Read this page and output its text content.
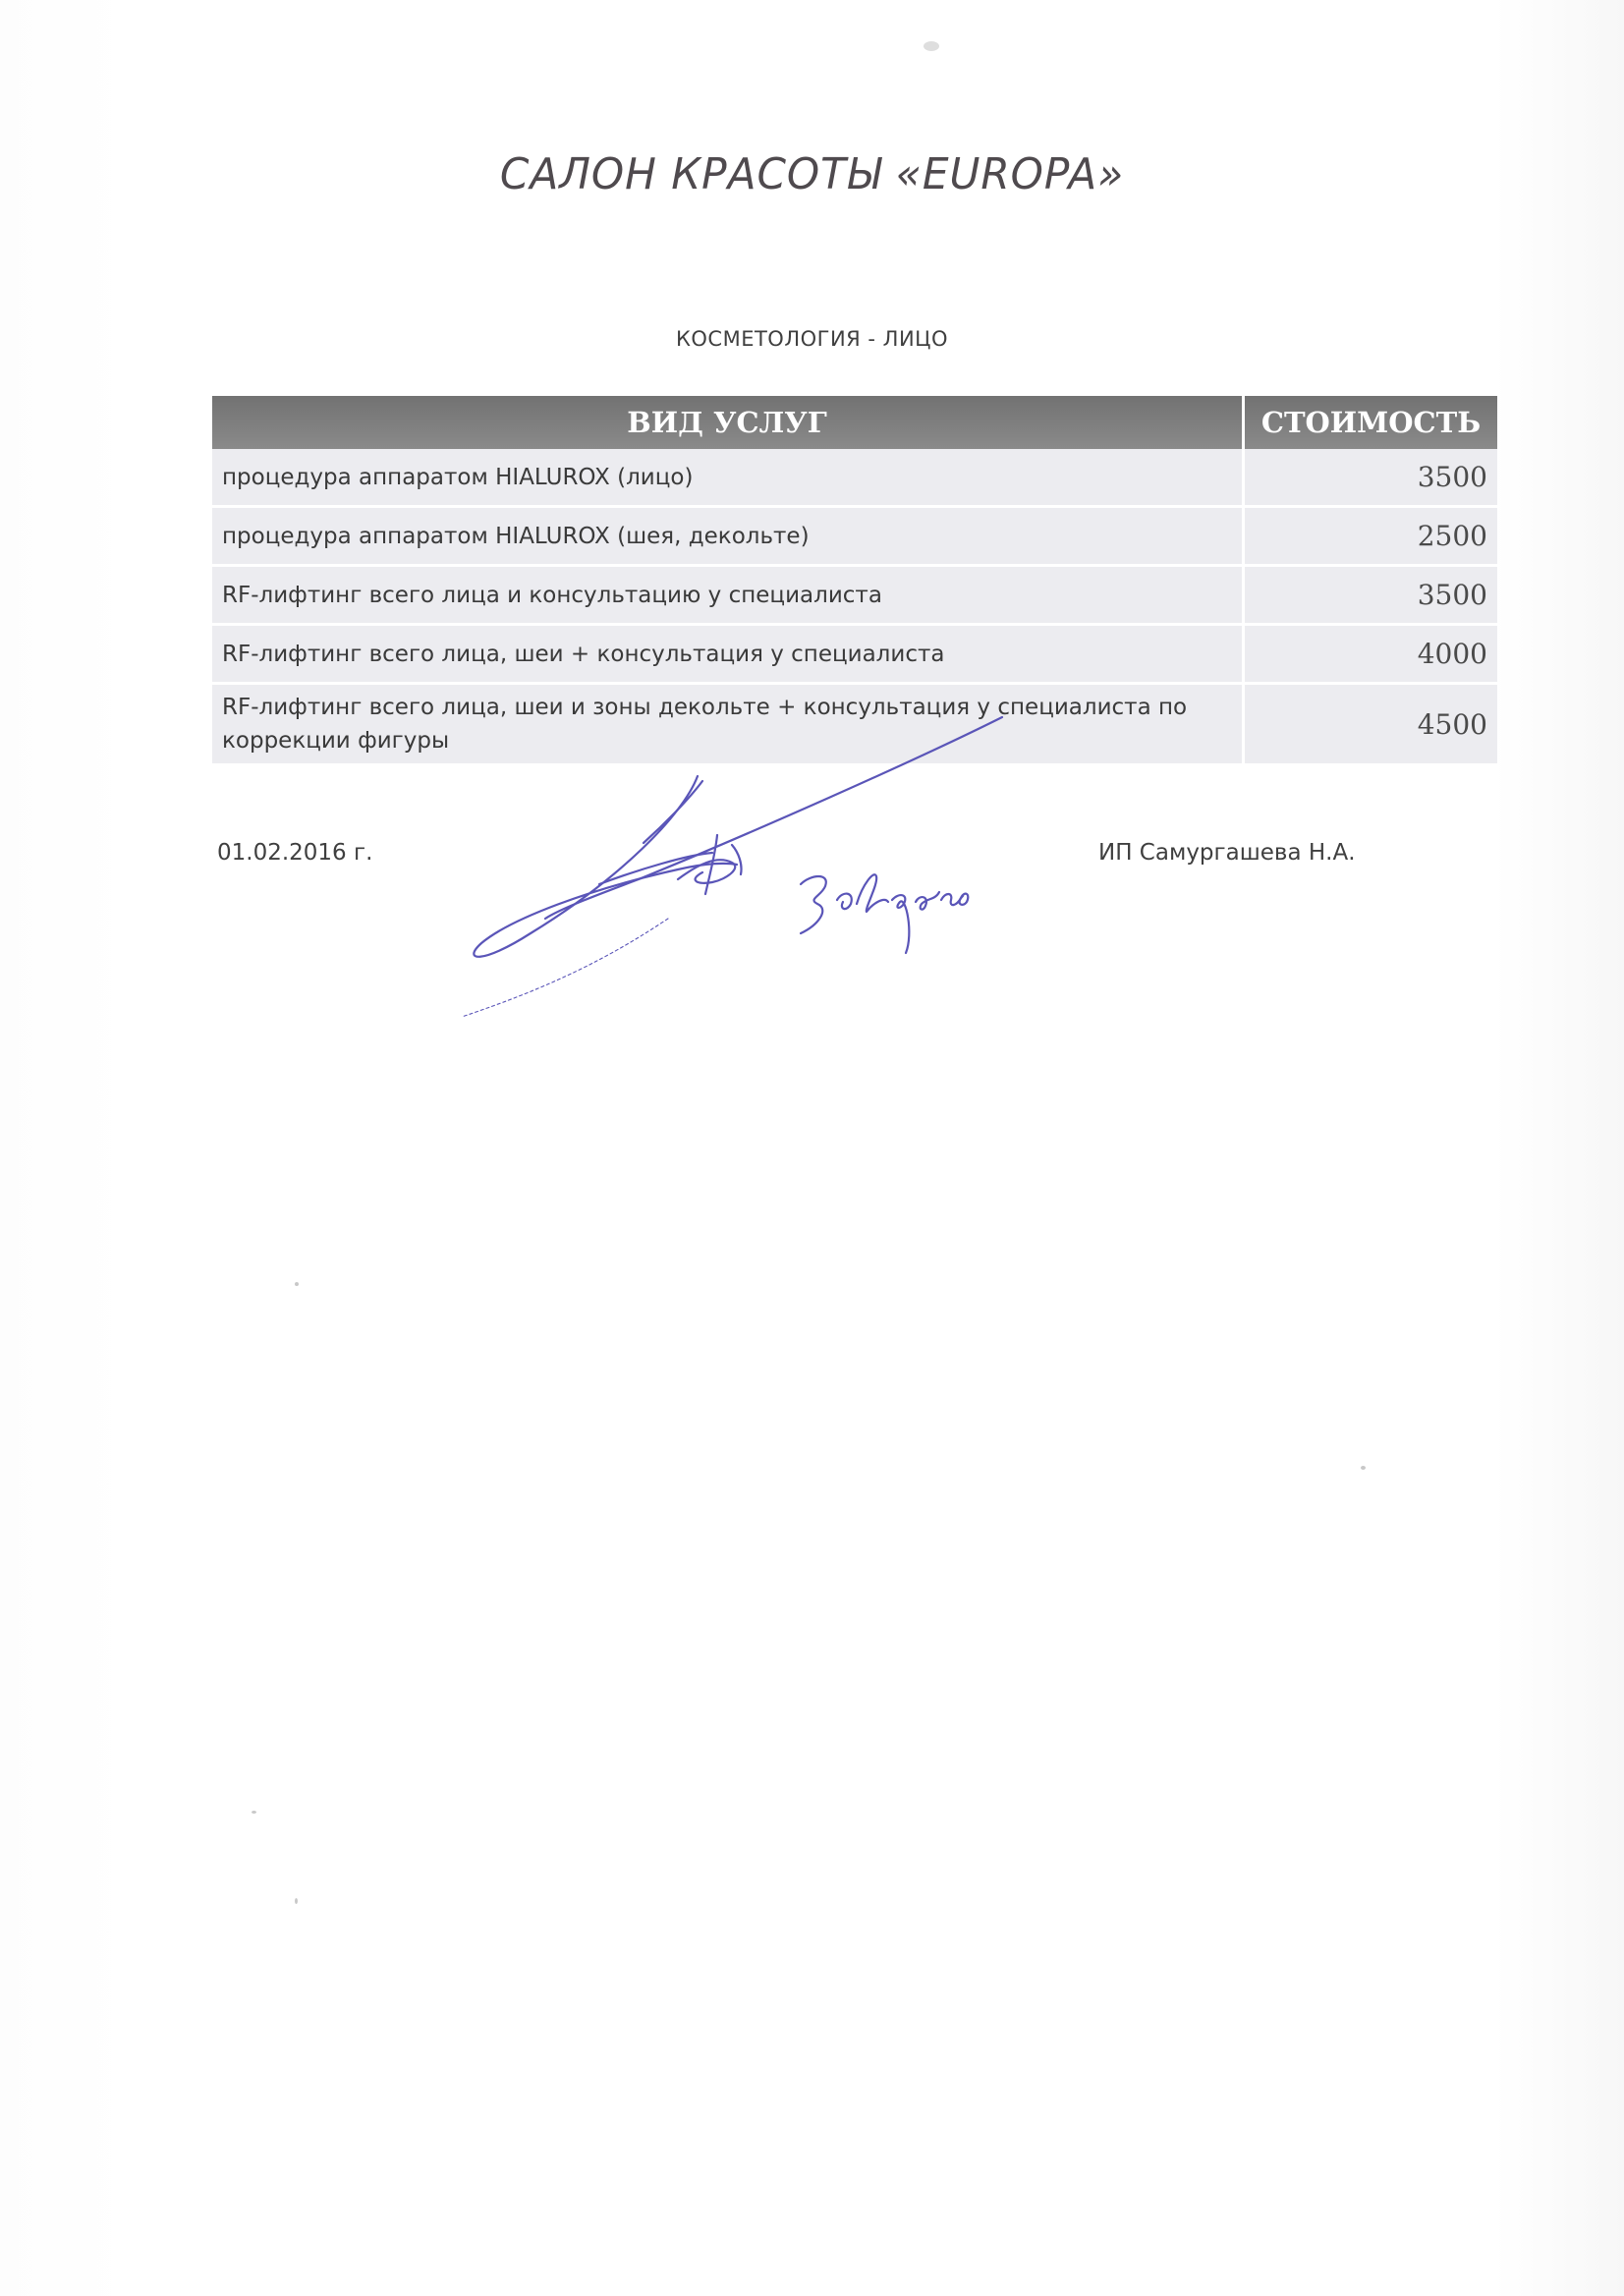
САЛОН КРАСОТЫ «EUROPA»
КОСМЕТОЛОГИЯ - ЛИЦО
ВИД УСЛУГ	СТОИМОСТЬ
процедура аппаратом HIALUROX (лицо)	3500
процедура аппаратом HIALUROX (шея, декольте)	2500
RF-лифтинг всего лица и консультацию у специалиста	3500
RF-лифтинг всего лица, шеи + консультация у специалиста	4000
RF-лифтинг всего лица, шеи и зоны декольте + консультация у специалиста по коррекции фигуры	4500
01.02.2016 г.	ИП Самургашева Н.А.
